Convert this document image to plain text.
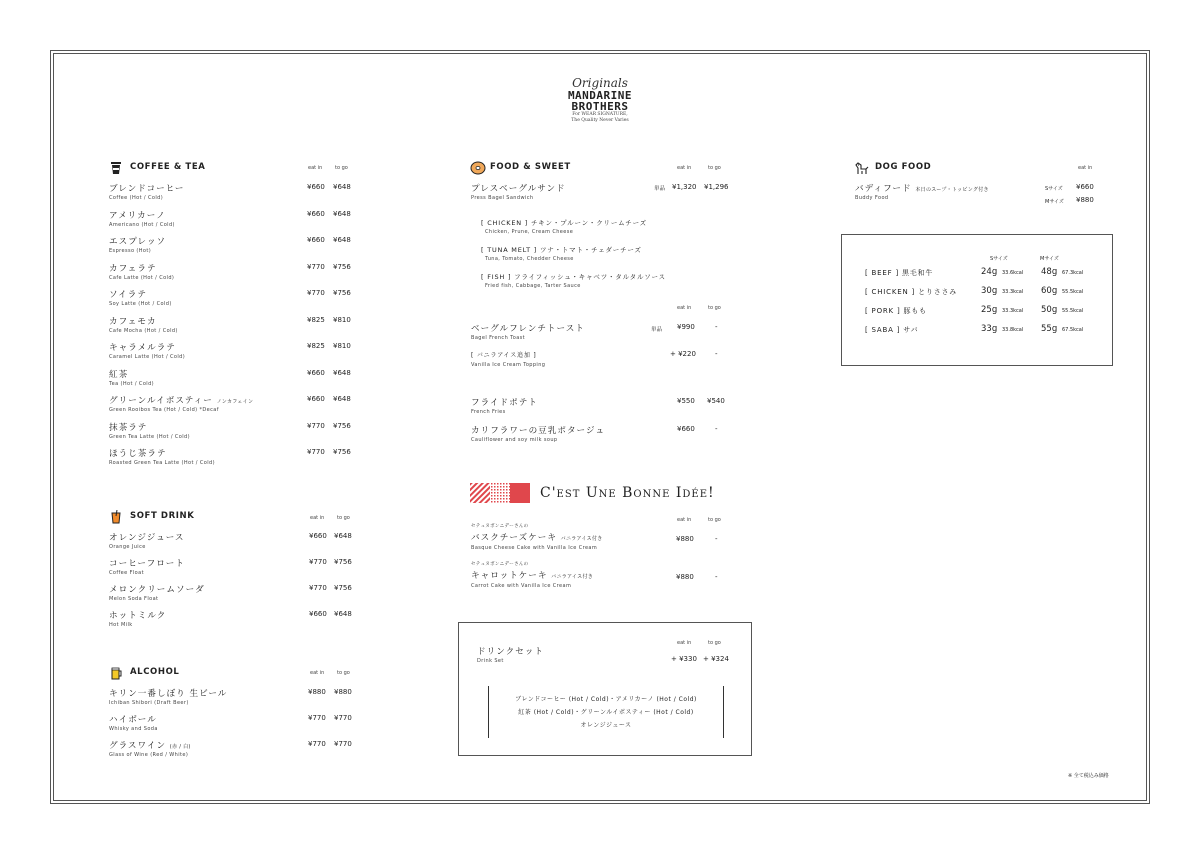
Originals
MANDARINE
BROTHERS
For WEAR SIGNATURE,
The Quality Never Varies
COFFEE & TEA	eat in	to go
ブレンドコーヒー
Coffee (Hot / Cold)
¥660 ¥648
アメリカーノ
Americano (Hot / Cold)
¥660 ¥648
エスプレッソ
Espresso (Hot)
¥660 ¥648
カフェラテ
Cafe Latte (Hot / Cold)
¥770 ¥756
ソイラテ
Soy Latte (Hot / Cold)
¥770 ¥756
カフェモカ
Cafe Mocha (Hot / Cold)
¥825 ¥810
キャラメルラテ
Caramel Latte (Hot / Cold)
¥825 ¥810
紅茶
Tea (Hot / Cold)
¥660 ¥648
グリーンルイボスティー ノンカフェイン
Green Rooibos Tea (Hot / Cold) *Decaf
¥660 ¥648
抹茶ラテ
Green Tea Latte (Hot / Cold)
¥770 ¥756
ほうじ茶ラテ
Roasted Green Tea Latte (Hot / Cold)
¥770 ¥756
SOFT DRINK	eat in	to go
オレンジジュース
Orange Juice
¥660 ¥648
コーヒーフロート
Coffee Float
¥770 ¥756
メロンクリームソーダ
Melon Soda Float
¥770 ¥756
ホットミルク
Hot Milk
¥660 ¥648
ALCOHOL	eat in	to go
キリン一番しぼり 生ビール
Ichiban Shibori (Draft Beer)
¥880 ¥880
ハイボール
Whisky and Soda
¥770 ¥770
グラスワイン (赤 / 白)
Glass of Wine (Red / White)
¥770 ¥770
FOOD & SWEET	eat in	to go
プレスベーグルサンド
Press Bagel Sandwich
単品 ¥1,320 ¥1,296
[ CHICKEN ] チキン・プルーン・クリームチーズ
Chicken, Prune, Cream Cheese
[ TUNA MELT ] ツナ・トマト・チェダーチーズ
Tuna, Tomato, Chedder Cheese
[ FISH ] フライフィッシュ・キャベツ・タルタルソース
Fried fish, Cabbage, Tarter Sauce
eat in	to go
ベーグルフレンチトースト
Bagel French Toast
単品 ¥990	-
[ バニラアイス追加 ]
Vanilla Ice Cream Topping
+ ¥220	-
フライドポテト
French Fries
¥550 ¥540
カリフラワーの豆乳ポタージュ
Cauliflower and soy milk soup
¥660	-
C'est Une Bonne Idée!
eat in	to go
セテュヌボンニデーさんの
バスクチーズケーキ バニラアイス付き
Basque Cheese Cake with Vanilla Ice Cream
¥880	-
セテュヌボンニデーさんの
キャロットケーキ バニラアイス付き
Carrot Cake with Vanilla Ice Cream
¥880	-
eat in	to go
ドリンクセット
Drink Set	+ ¥330 + ¥324
ブレンドコーヒー (Hot / Cold)・アメリカーノ (Hot / Cold)
紅茶 (Hot / Cold)・グリーンルイボスティー (Hot / Cold)
オレンジジュース
DOG FOOD	eat in
バディフード 本日のスープ・トッピング付き
Buddy Food
Sサイズ ¥660
Mサイズ ¥880
Sサイズ	Mサイズ
[ BEEF ] 黒毛和牛	24g 33.6kcal 48g 67.3kcal
[ CHICKEN ] とりささみ	30g 33.3kcal 60g 55.5kcal
[ PORK ] 豚もも	25g 33.3kcal 50g 55.5kcal
[ SABA ] サバ	33g 33.8kcal 55g 67.5kcal
※ 全て税込み価格
